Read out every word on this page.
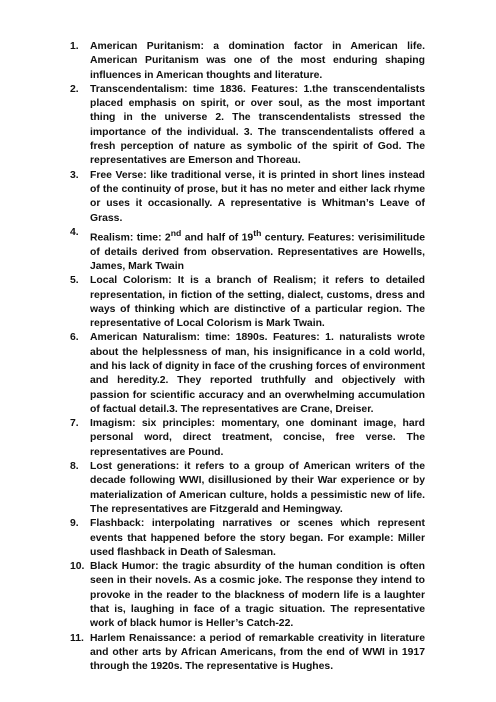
1.	American Puritanism: a domination factor in American life. American Puritanism was one of the most enduring shaping influences in American thoughts and literature.
2.	Transcendentalism: time 1836. Features: 1.the transcendentalists placed emphasis on spirit, or over soul, as the most important thing in the universe 2. The transcendentalists stressed the importance of the individual. 3. The transcendentalists offered a fresh perception of nature as symbolic of the spirit of God. The representatives are Emerson and Thoreau.
3.	Free Verse: like traditional verse, it is printed in short lines instead of the continuity of prose, but it has no meter and either lack rhyme or uses it occasionally. A representative is Whitman’s Leave of Grass.
4.	Realism: time: 2nd and half of 19th century. Features: verisimilitude of details derived from observation. Representatives are Howells, James, Mark Twain
5.	Local Colorism: It is a branch of Realism; it refers to detailed representation, in fiction of the setting, dialect, customs, dress and ways of thinking which are distinctive of a particular region. The representative of Local Colorism is Mark Twain.
6.	American Naturalism: time: 1890s. Features: 1. naturalists wrote about the helplessness of man, his insignificance in a cold world, and his lack of dignity in face of the crushing forces of environment and heredity.2. They reported truthfully and objectively with passion for scientific accuracy and an overwhelming accumulation of factual detail.3. The representatives are Crane, Dreiser.
7.	Imagism: six principles: momentary, one dominant image, hard personal word, direct treatment, concise, free verse. The representatives are Pound.
8.	Lost generations: it refers to a group of American writers of the decade following WWI, disillusioned by their War experience or by materialization of American culture, holds a pessimistic new of life. The representatives are Fitzgerald and Hemingway.
9.	Flashback: interpolating narratives or scenes which represent events that happened before the story began. For example: Miller used flashback in Death of Salesman.
10. Black Humor: the tragic absurdity of the human condition is often seen in their novels. As a cosmic joke. The response they intend to provoke in the reader to the blackness of modern life is a laughter that is, laughing in face of a tragic situation. The representative work of black humor is Heller’s Catch-22.
11. Harlem Renaissance: a period of remarkable creativity in literature and other arts by African Americans, from the end of WWI in 1917 through the 1920s. The representative is Hughes.
